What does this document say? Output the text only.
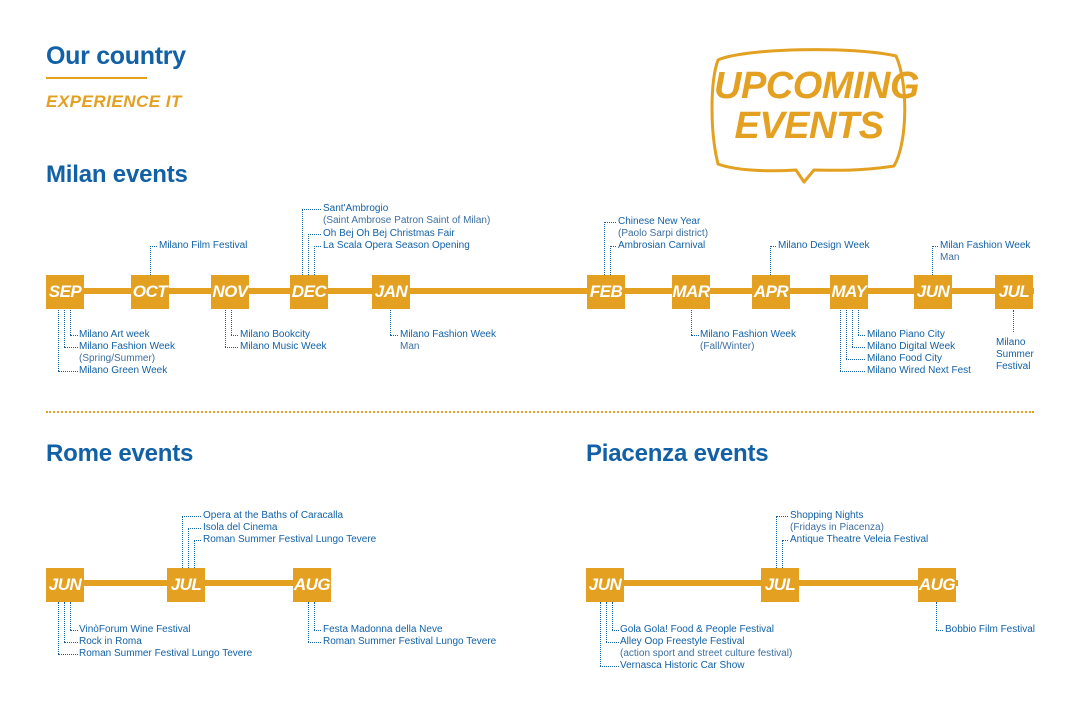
Our country
EXPERIENCE IT	UPCOMING
EVENTS
Milan events
SEP	OCT	NOV	DEC	JAN	FEB	MAR	APR	MAY	JUN	JUL
Milano Art week
Milano Fashion Week
(Spring/Summer)
Milano Green Week
Milano Film Festival
Milano Bookcity
Milano Music Week
Sant'Ambrogio
(Saint Ambrose Patron Saint of Milan)
Oh Bej Oh Bej Christmas Fair
La Scala Opera Season Opening
Milano Fashion Week
Man
Chinese New Year
(Paolo Sarpi district)
Ambrosian Carnival
Milano Fashion Week
(Fall/Winter)
Milano Design Week
Milano Piano City
Milano Digital Week
Milano Food City
Milano Wired Next Fest
Milan Fashion Week
Man
Milano
Summer
Festival
Rome events
JUN	JUL	AUG
VinòForum Wine Festival
Rock in Roma
Roman Summer Festival Lungo Tevere
Opera at the Baths of Caracalla
Isola del Cinema
Roman Summer Festival Lungo Tevere
Festa Madonna della Neve
Roman Summer Festival Lungo Tevere
Piacenza events
JUN	JUL	AUG
Gola Gola! Food & People Festival
Alley Oop Freestyle Festival
(action sport and street culture festival)
Vernasca Historic Car Show
Shopping Nights
(Fridays in Piacenza)
Antique Theatre Veleia Festival
Bobbio Film Festival
